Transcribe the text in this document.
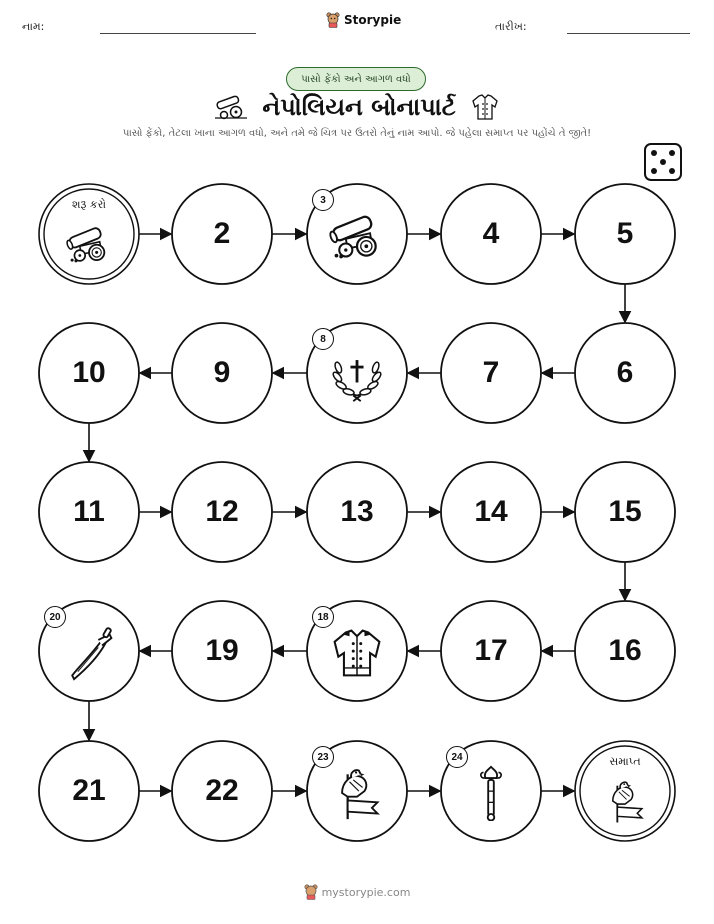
નામ:	Storypie	તારીખ:
પાસો ફેંકો અને આગળ વધો
નેપોલિયન બોનાપાર્ટ
પાસો ફેંકો, તેટલા ખાના આગળ વધો, અને તમે જે ચિત્ર પર ઉતરો તેનું નામ આપો. જે પહેલા સમાપ્ત પર પહોંચે તે જીતે!
શરૂ કરો
2
3
4	5
6
7
8
9
10
11	12	13	14	15
16
17
18
19
20
21	22
23	24	સમાપ્ત
mystorypie.com
